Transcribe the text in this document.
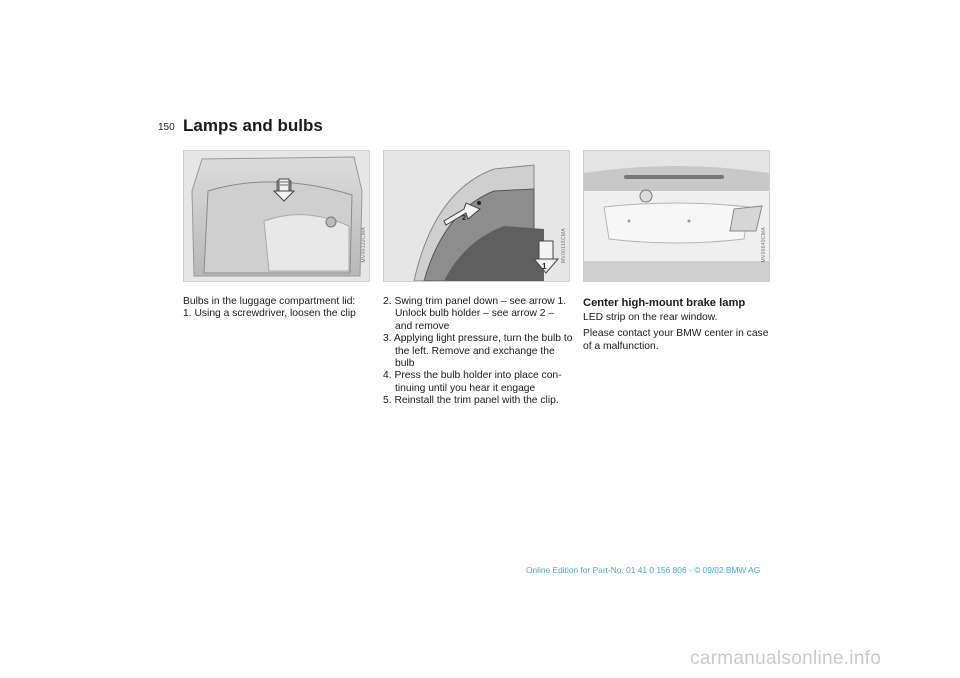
150 Lamps and bulbs
MV00122CMA
2
1
MV00116CMA	MV00649CMA

Bulbs in the luggage compartment lid:

1. Using a screwdriver, loosen the clip

2. Swing trim panel down – see arrow 1. Unlock bulb holder – see arrow 2 – and remove
3. Applying light pressure, turn the bulb to the left. Remove and exchange the bulb
4. Press the bulb holder into place con-tinuing until you hear it engage
5. Reinstall the trim panel with the clip.
Center high-mount brake lamp

LED strip on the rear window.

Please contact your BMW center in case of a malfunction.

Online Edition for Part-No. 01 41 0 156 806 - © 09/02 BMW AG
carmanualsonline.info
